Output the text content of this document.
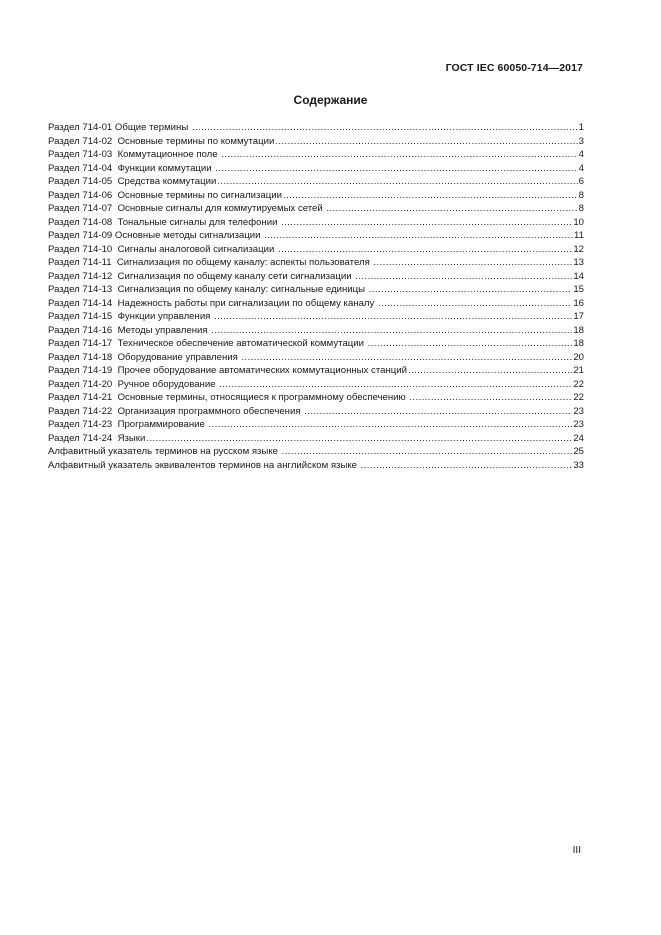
ГОСТ IEC 60050-714—2017
Содержание
Раздел 714-01 Общие термины .....	1
Раздел 714-02  Основные термины по коммутации .....	3
Раздел 714-03  Коммутационное поле .....	4
Раздел 714-04  Функции коммутации .....	4
Раздел 714-05  Средства коммутации .....	6
Раздел 714-06  Основные термины по сигнализации .....	8
Раздел 714-07  Основные сигналы для коммутируемых сетей .....	8
Раздел 714-08  Тональные сигналы для телефонии .....	10
Раздел 714-09 Основные методы сигнализации .....	11
Раздел 714-10  Сигналы аналоговой сигнализации .....	12
Раздел 714-11  Сигнализация по общему каналу: аспекты пользователя .....	13
Раздел 714-12  Сигнализация по общему каналу сети сигнализации .....	14
Раздел 714-13  Сигнализация по общему каналу: сигнальные единицы .....	15
Раздел 714-14  Надежность работы при сигнализации по общему каналу .....	16
Раздел 714-15  Функции управления .....	17
Раздел 714-16  Методы управления .....	18
Раздел 714-17  Техническое обеспечение автоматической коммутации .....	18
Раздел 714-18  Оборудование управления .....	20
Раздел 714-19  Прочее оборудование автоматических коммутационных станций .....	21
Раздел 714-20  Ручное оборудование .....	22
Раздел 714-21  Основные термины, относящиеся к программному обеспечению .....	22
Раздел 714-22  Организация программного обеспечения .....	23
Раздел 714-23  Программирование .....	23
Раздел 714-24  Языки .....	24
Алфавитный указатель терминов на русском языке .....	25
Алфавитный указатель эквивалентов терминов на английском языке .....	33
III
